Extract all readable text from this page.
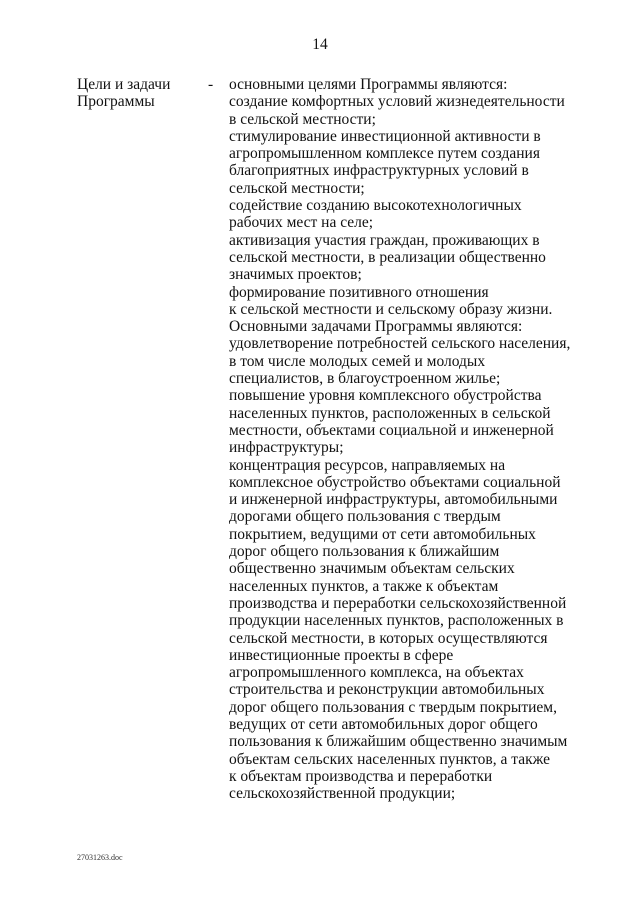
14
Цели и задачи
Программы
- основными целями Программы являются:
создание комфортных условий жизнедеятельности
в сельской местности;
стимулирование инвестиционной активности в
агропромышленном комплексе путем создания
благоприятных инфраструктурных условий в
сельской местности;
содействие созданию высокотехнологичных
рабочих мест на селе;
активизация участия граждан, проживающих в
сельской местности, в реализации общественно
значимых проектов;
формирование позитивного отношения
к сельской местности и сельскому образу жизни.
Основными задачами Программы являются:
удовлетворение потребностей сельского населения,
в том числе молодых семей и молодых
специалистов, в благоустроенном жилье;
повышение уровня комплексного обустройства
населенных пунктов, расположенных в сельской
местности, объектами социальной и инженерной
инфраструктуры;
концентрация ресурсов, направляемых на
комплексное обустройство объектами социальной
и инженерной инфраструктуры, автомобильными
дорогами общего пользования с твердым
покрытием, ведущими от сети автомобильных
дорог общего пользования к ближайшим
общественно значимым объектам сельских
населенных пунктов, а также к объектам
производства и переработки сельскохозяйственной
продукции населенных пунктов, расположенных в
сельской местности, в которых осуществляются
инвестиционные проекты в сфере
агропромышленного комплекса, на объектах
строительства и реконструкции автомобильных
дорог общего пользования с твердым покрытием,
ведущих от сети автомобильных дорог общего
пользования к ближайшим общественно значимым
объектам сельских населенных пунктов, а также
к объектам производства и переработки
сельскохозяйственной продукции;
27031263.doc
